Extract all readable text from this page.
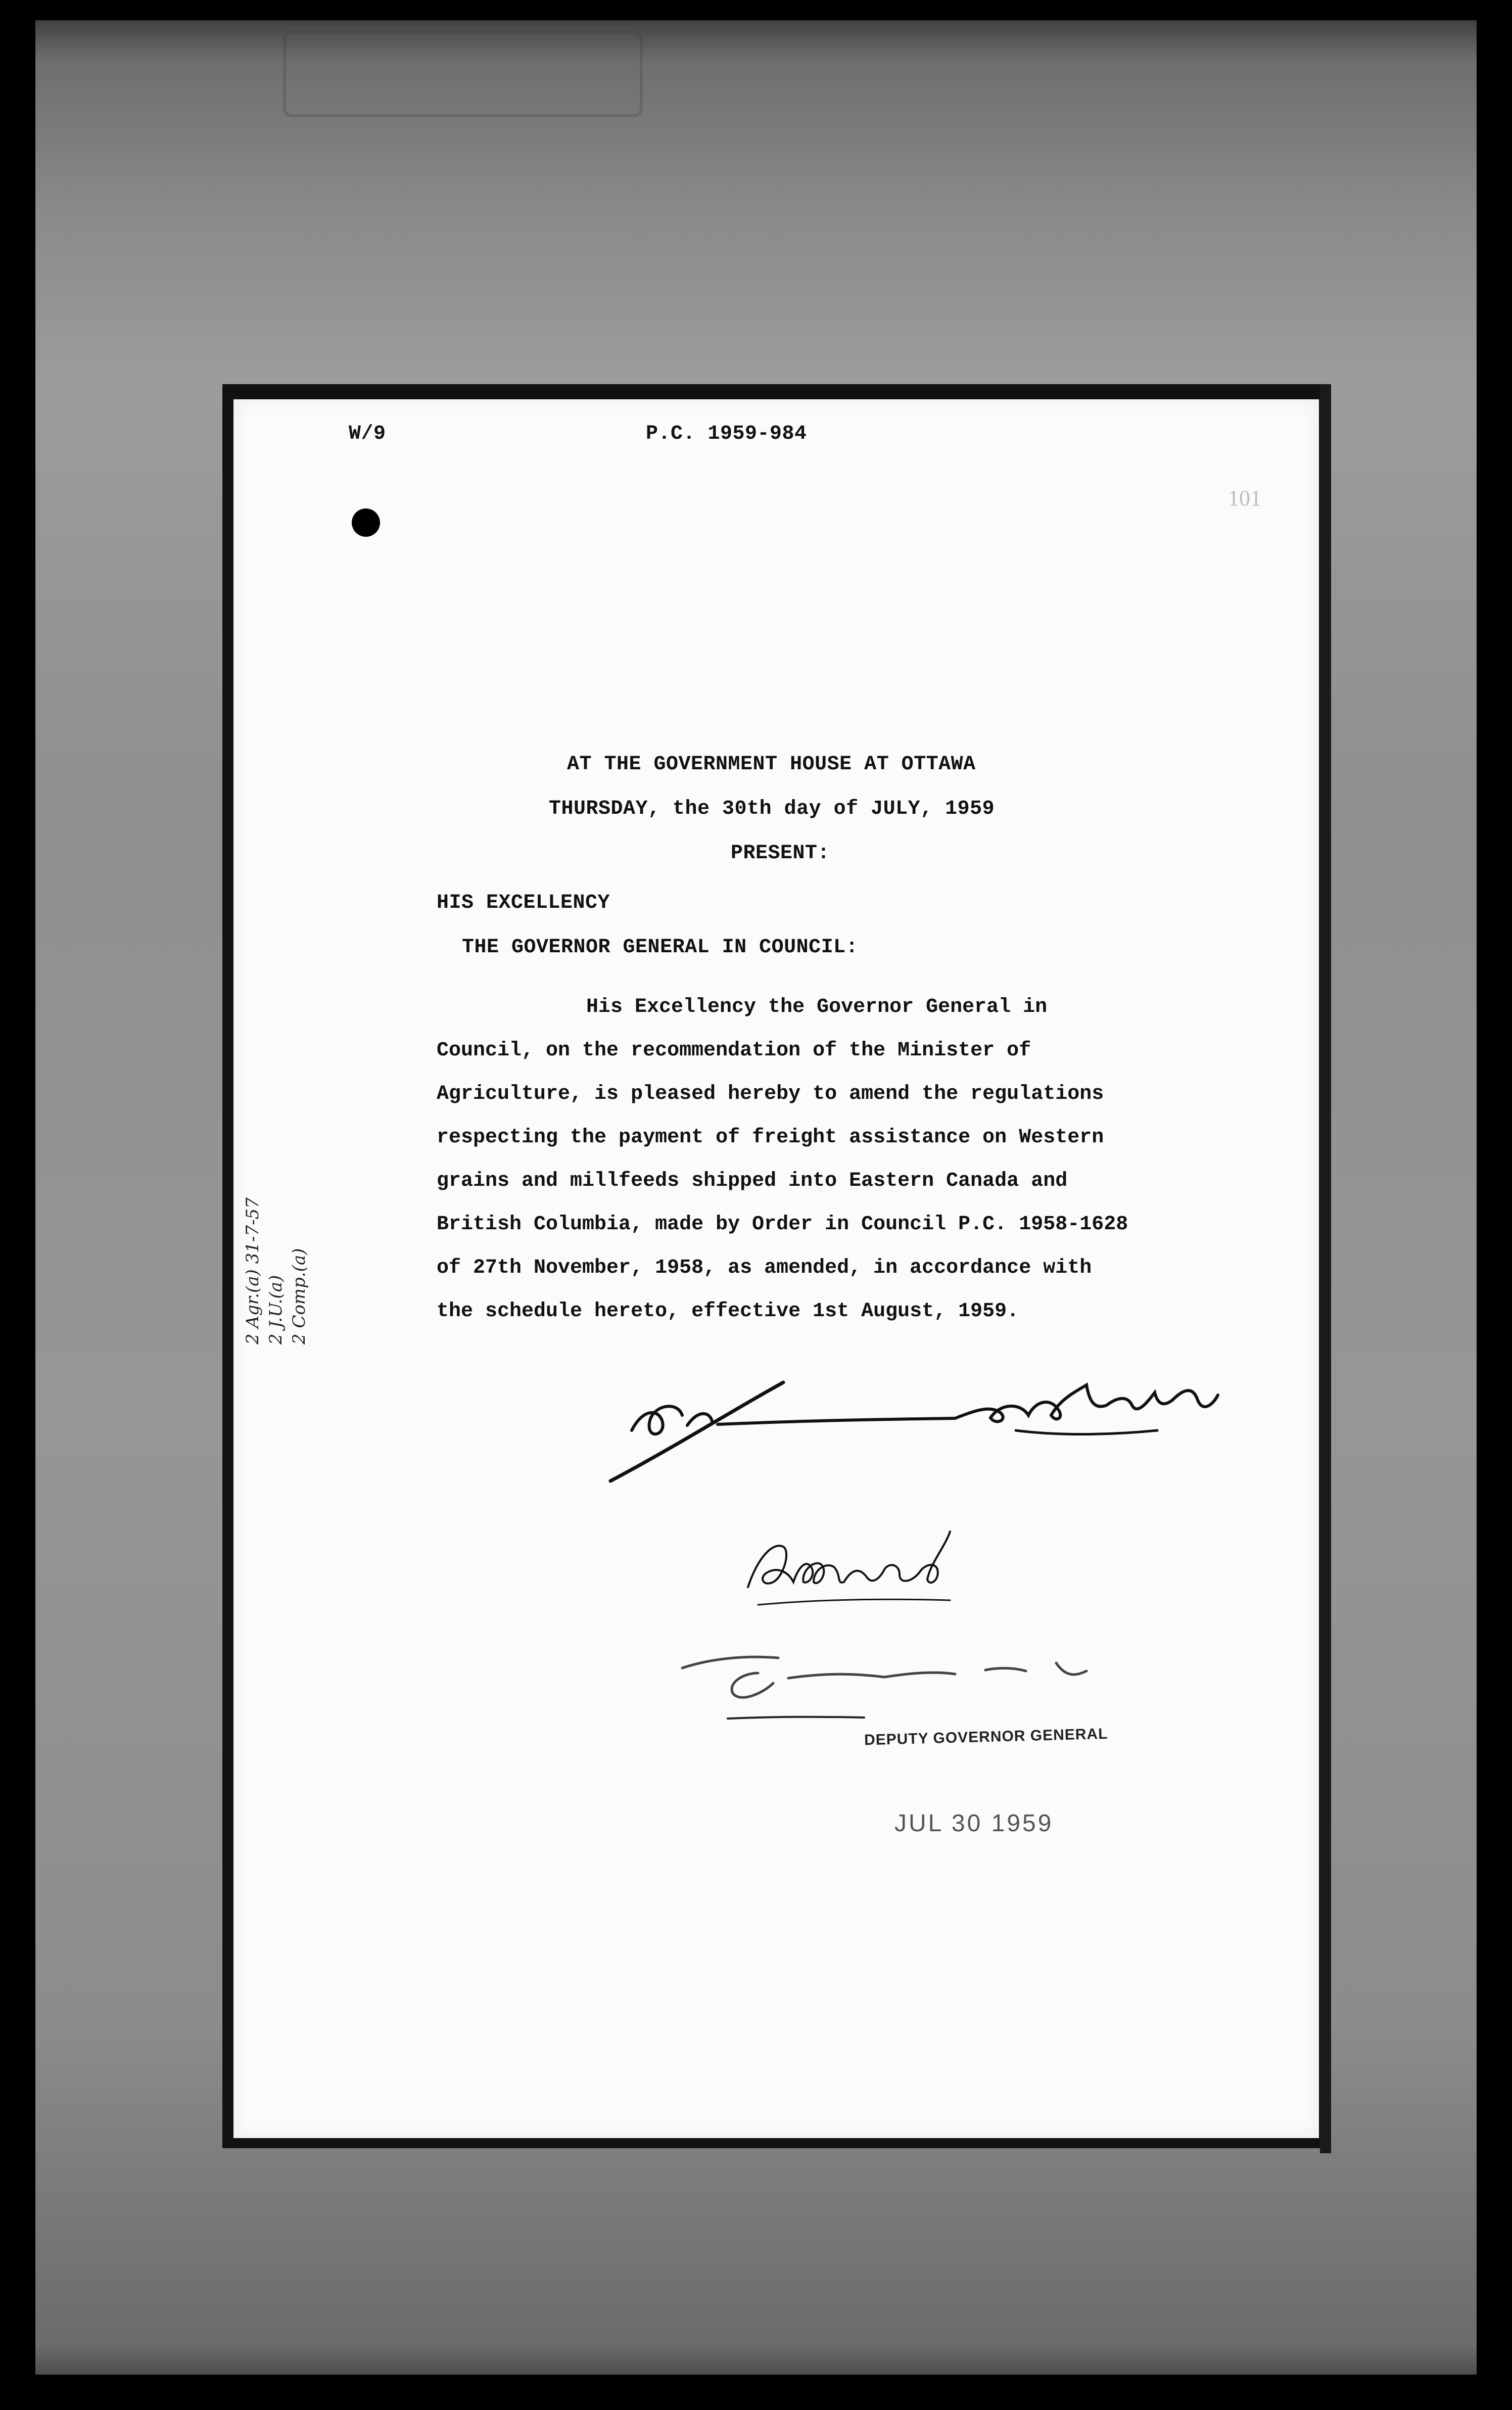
W/9	P.C. 1959-984
101
AT THE GOVERNMENT HOUSE AT OTTAWA
THURSDAY, the 30th day of JULY, 1959
PRESENT:
HIS EXCELLENCY
THE GOVERNOR GENERAL IN COUNCIL:
His Excellency the Governor General in
Council, on the recommendation of the Minister of
Agriculture, is pleased hereby to amend the regulations
respecting the payment of freight assistance on Western
grains and millfeeds shipped into Eastern Canada and
British Columbia, made by Order in Council P.C. 1958-1628
of 27th November, 1958, as amended, in accordance with
the schedule hereto, effective 1st August, 1959.
2 Agr.(a) 31-7-57 2 J.U.(a) 2 Comp.(a)
DEPUTY GOVERNOR GENERAL
JUL 30 1959
